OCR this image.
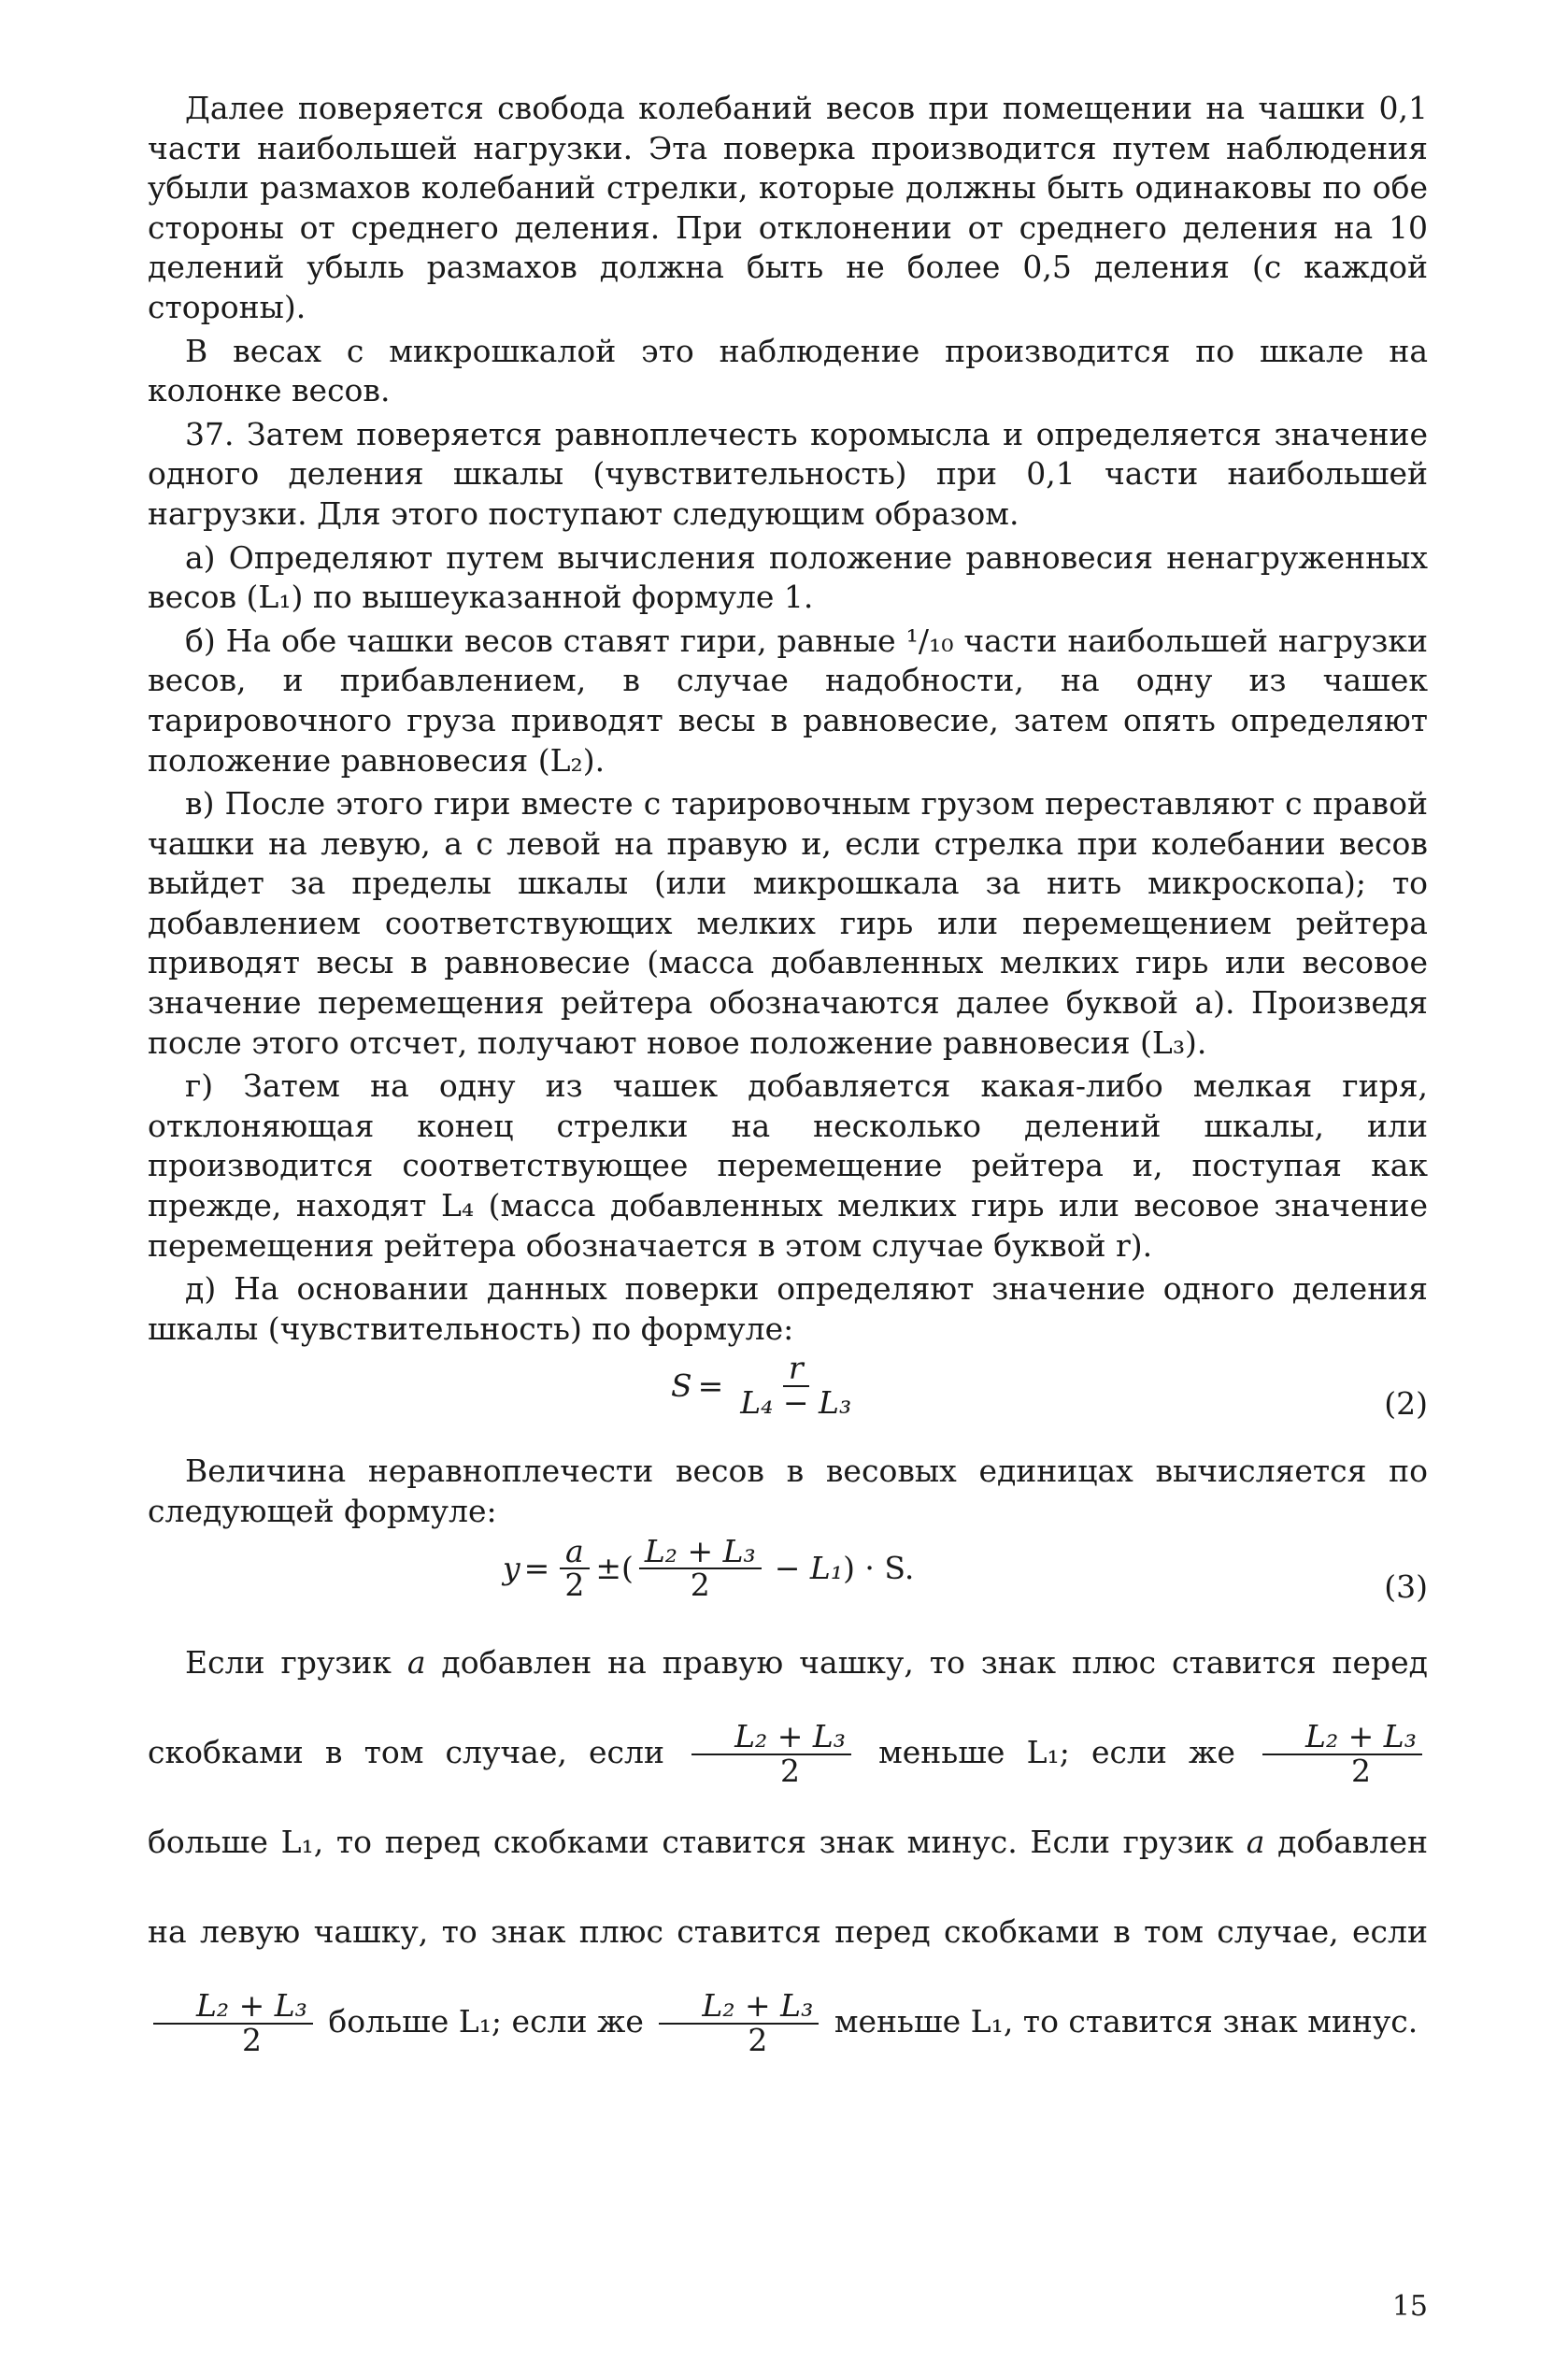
Далее поверяется свобода колебаний весов при помещении на чашки 0,1 части наибольшей нагрузки. Эта поверка производится путем наблюдения убыли размахов колебаний стрелки, которые должны быть одинаковы по обе стороны от среднего деления. При отклонении от среднего деления на 10 делений убыль размахов должна быть не более 0,5 деления (с каждой стороны).

В весах с микрошкалой это наблюдение производится по шкале на колонке весов.

37. Затем поверяется равноплечесть коромысла и определяется значение одного деления шкалы (чувствительность) при 0,1 части наибольшей нагрузки. Для этого поступают следующим образом.

а) Определяют путем вычисления положение равновесия ненагруженных весов (L₁) по вышеуказанной формуле 1.

б) На обе чашки весов ставят гири, равные ¹/₁₀ части наибольшей нагрузки весов, и прибавлением, в случае надобности, на одну из чашек тарировочного груза приводят весы в равновесие, затем опять определяют положение равновесия (L₂).

в) После этого гири вместе с тарировочным грузом переставляют с правой чашки на левую, а с левой на правую и, если стрелка при колебании весов выйдет за пределы шкалы (или микрошкала за нить микроскопа); то добавлением соответствующих мелких гирь или перемещением рейтера приводят весы в равновесие (масса добавленных мелких гирь или весовое значение перемещения рейтера обозначаются далее буквой a). Произведя после этого отсчет, получают новое положение равновесия (L₃).

г) Затем на одну из чашек добавляется какая-либо мелкая гиря, отклоняющая конец стрелки на несколько делений шкалы, или производится соответствующее перемещение рейтера и, поступая как прежде, находят L₄ (масса добавленных мелких гирь или весовое значение перемещения рейтера обозначается в этом случае буквой r).

д) На основании данных поверки определяют значение одного деления шкалы (чувствительность) по формуле:

$S = \frac{r}{\text{L₄ − L₃}}$	(2)

Величина неравноплечести весов в весовых единицах вычисляется по следующей формуле:

$y = \frac{a}{2}$ ± ( $\frac{\text{L₂ + L₃}}{2} - L_1$ ) · S.
(3)

Если грузик a добавлен на правую чашку, то знак плюс ставится перед скобками в том случае, если $\frac{\text{L₂ + L₃}}{2}$ меньше L₁; если же $\frac{\text{L₂ + L₃}}{2}$
больше L₁, то перед скобками ставится знак минус. Если грузик a добавлен на левую чашку, то знак плюс ставится перед скобками в том случае, если
$\frac{\text{L₂ + L₃}}{2}$ больше L₁; если же $\frac{\text{L₂ + L₃}}{2}$ меньше L₁, то ставится знак минус.

15
